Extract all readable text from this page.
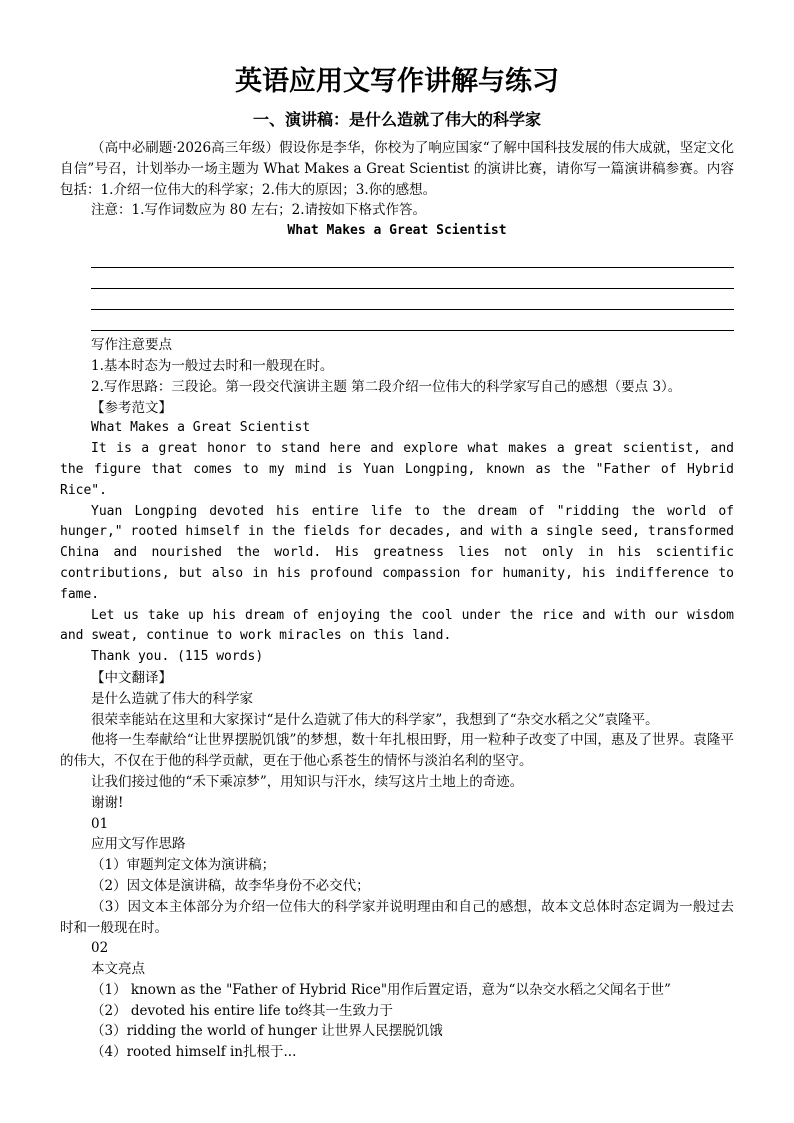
英语应用文写作讲解与练习
一、演讲稿：是什么造就了伟大的科学家

（高中必刷题·2026高三年级）假设你是李华，你校为了响应国家“了解中国科技发展的伟大成就，坚定文化自信”号召，计划举办一场主题为 What Makes a Great Scientist 的演讲比赛，请你写一篇演讲稿参赛。内容包括：1.介绍一位伟大的科学家；2.伟大的原因；3.你的感想。

注意：1.写作词数应为 80 左右；2.请按如下格式作答。

What Makes a Great Scientist

写作注意要点

1.基本时态为一般过去时和一般现在时。

2.写作思路：三段论。第一段交代演讲主题 第二段介绍一位伟大的科学家写自己的感想（要点 3）。

【参考范文】

What Makes a Great Scientist

It is a great honor to stand here and explore what makes a great scientist, and the figure that comes to my mind is Yuan Longping, known as the "Father of Hybrid Rice".

Yuan Longping devoted his entire life to the dream of "ridding the world of hunger," rooted himself in the fields for decades, and with a single seed, transformed China and nourished the world. His greatness lies not only in his scientific contributions, but also in his profound compassion for humanity, his indifference to fame.

Let us take up his dream of enjoying the cool under the rice and with our wisdom and sweat, continue to work miracles on this land.

Thank you. (115 words)

【中文翻译】

是什么造就了伟大的科学家

很荣幸能站在这里和大家探讨“是什么造就了伟大的科学家”，我想到了“杂交水稻之父”袁隆平。

他将一生奉献给“让世界摆脱饥饿”的梦想，数十年扎根田野，用一粒种子改变了中国，惠及了世界。袁隆平的伟大，不仅在于他的科学贡献，更在于他心系苍生的情怀与淡泊名利的坚守。

让我们接过他的“禾下乘凉梦”，用知识与汗水，续写这片土地上的奇迹。

谢谢!

01

应用文写作思路

（1）审题判定文体为演讲稿；

（2）因文体是演讲稿，故李华身份不必交代；

（3）因文本主体部分为介绍一位伟大的科学家并说明理由和自己的感想，故本文总体时态定调为一般过去时和一般现在时。

02

本文亮点

（1） known as the "Father of Hybrid Rice"用作后置定语，意为“以杂交水稻之父闻名于世”

（2） devoted his entire life to终其一生致力于

（3）ridding the world of hunger 让世界人民摆脱饥饿

（4）rooted himself in扎根于...
